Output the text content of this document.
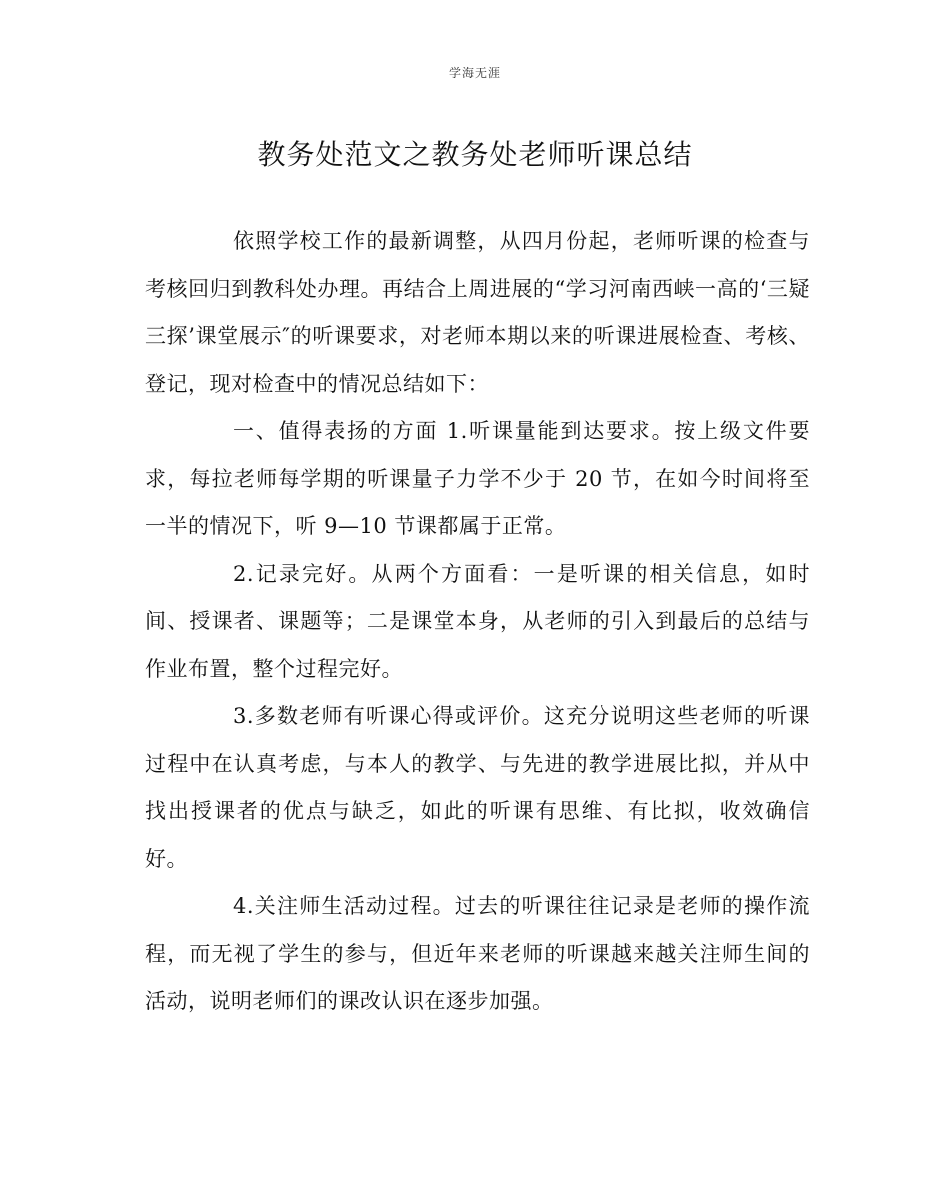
学海无涯
教务处范文之教务处老师听课总结

依照学校工作的最新调整，从四月份起，老师听课的检查与考核回归到教科处办理。再结合上周进展的“学习河南西峡一高的‘三疑三探’课堂展示″的听课要求，对老师本期以来的听课进展检查、考核、登记，现对检查中的情况总结如下：

一、值得表扬的方面 1.听课量能到达要求。按上级文件要求，每拉老师每学期的听课量子力学不少于 20 节，在如今时间将至一半的情况下，听 9—10 节课都属于正常。

2.记录完好。从两个方面看：一是听课的相关信息，如时间、授课者、课题等；二是课堂本身，从老师的引入到最后的总结与作业布置，整个过程完好。

3.多数老师有听课心得或评价。这充分说明这些老师的听课过程中在认真考虑，与本人的教学、与先进的教学进展比拟，并从中找出授课者的优点与缺乏，如此的听课有思维、有比拟，收效确信好。

4.关注师生活动过程。过去的听课往往记录是老师的操作流程，而无视了学生的参与，但近年来老师的听课越来越关注师生间的活动，说明老师们的课改认识在逐步加强。
